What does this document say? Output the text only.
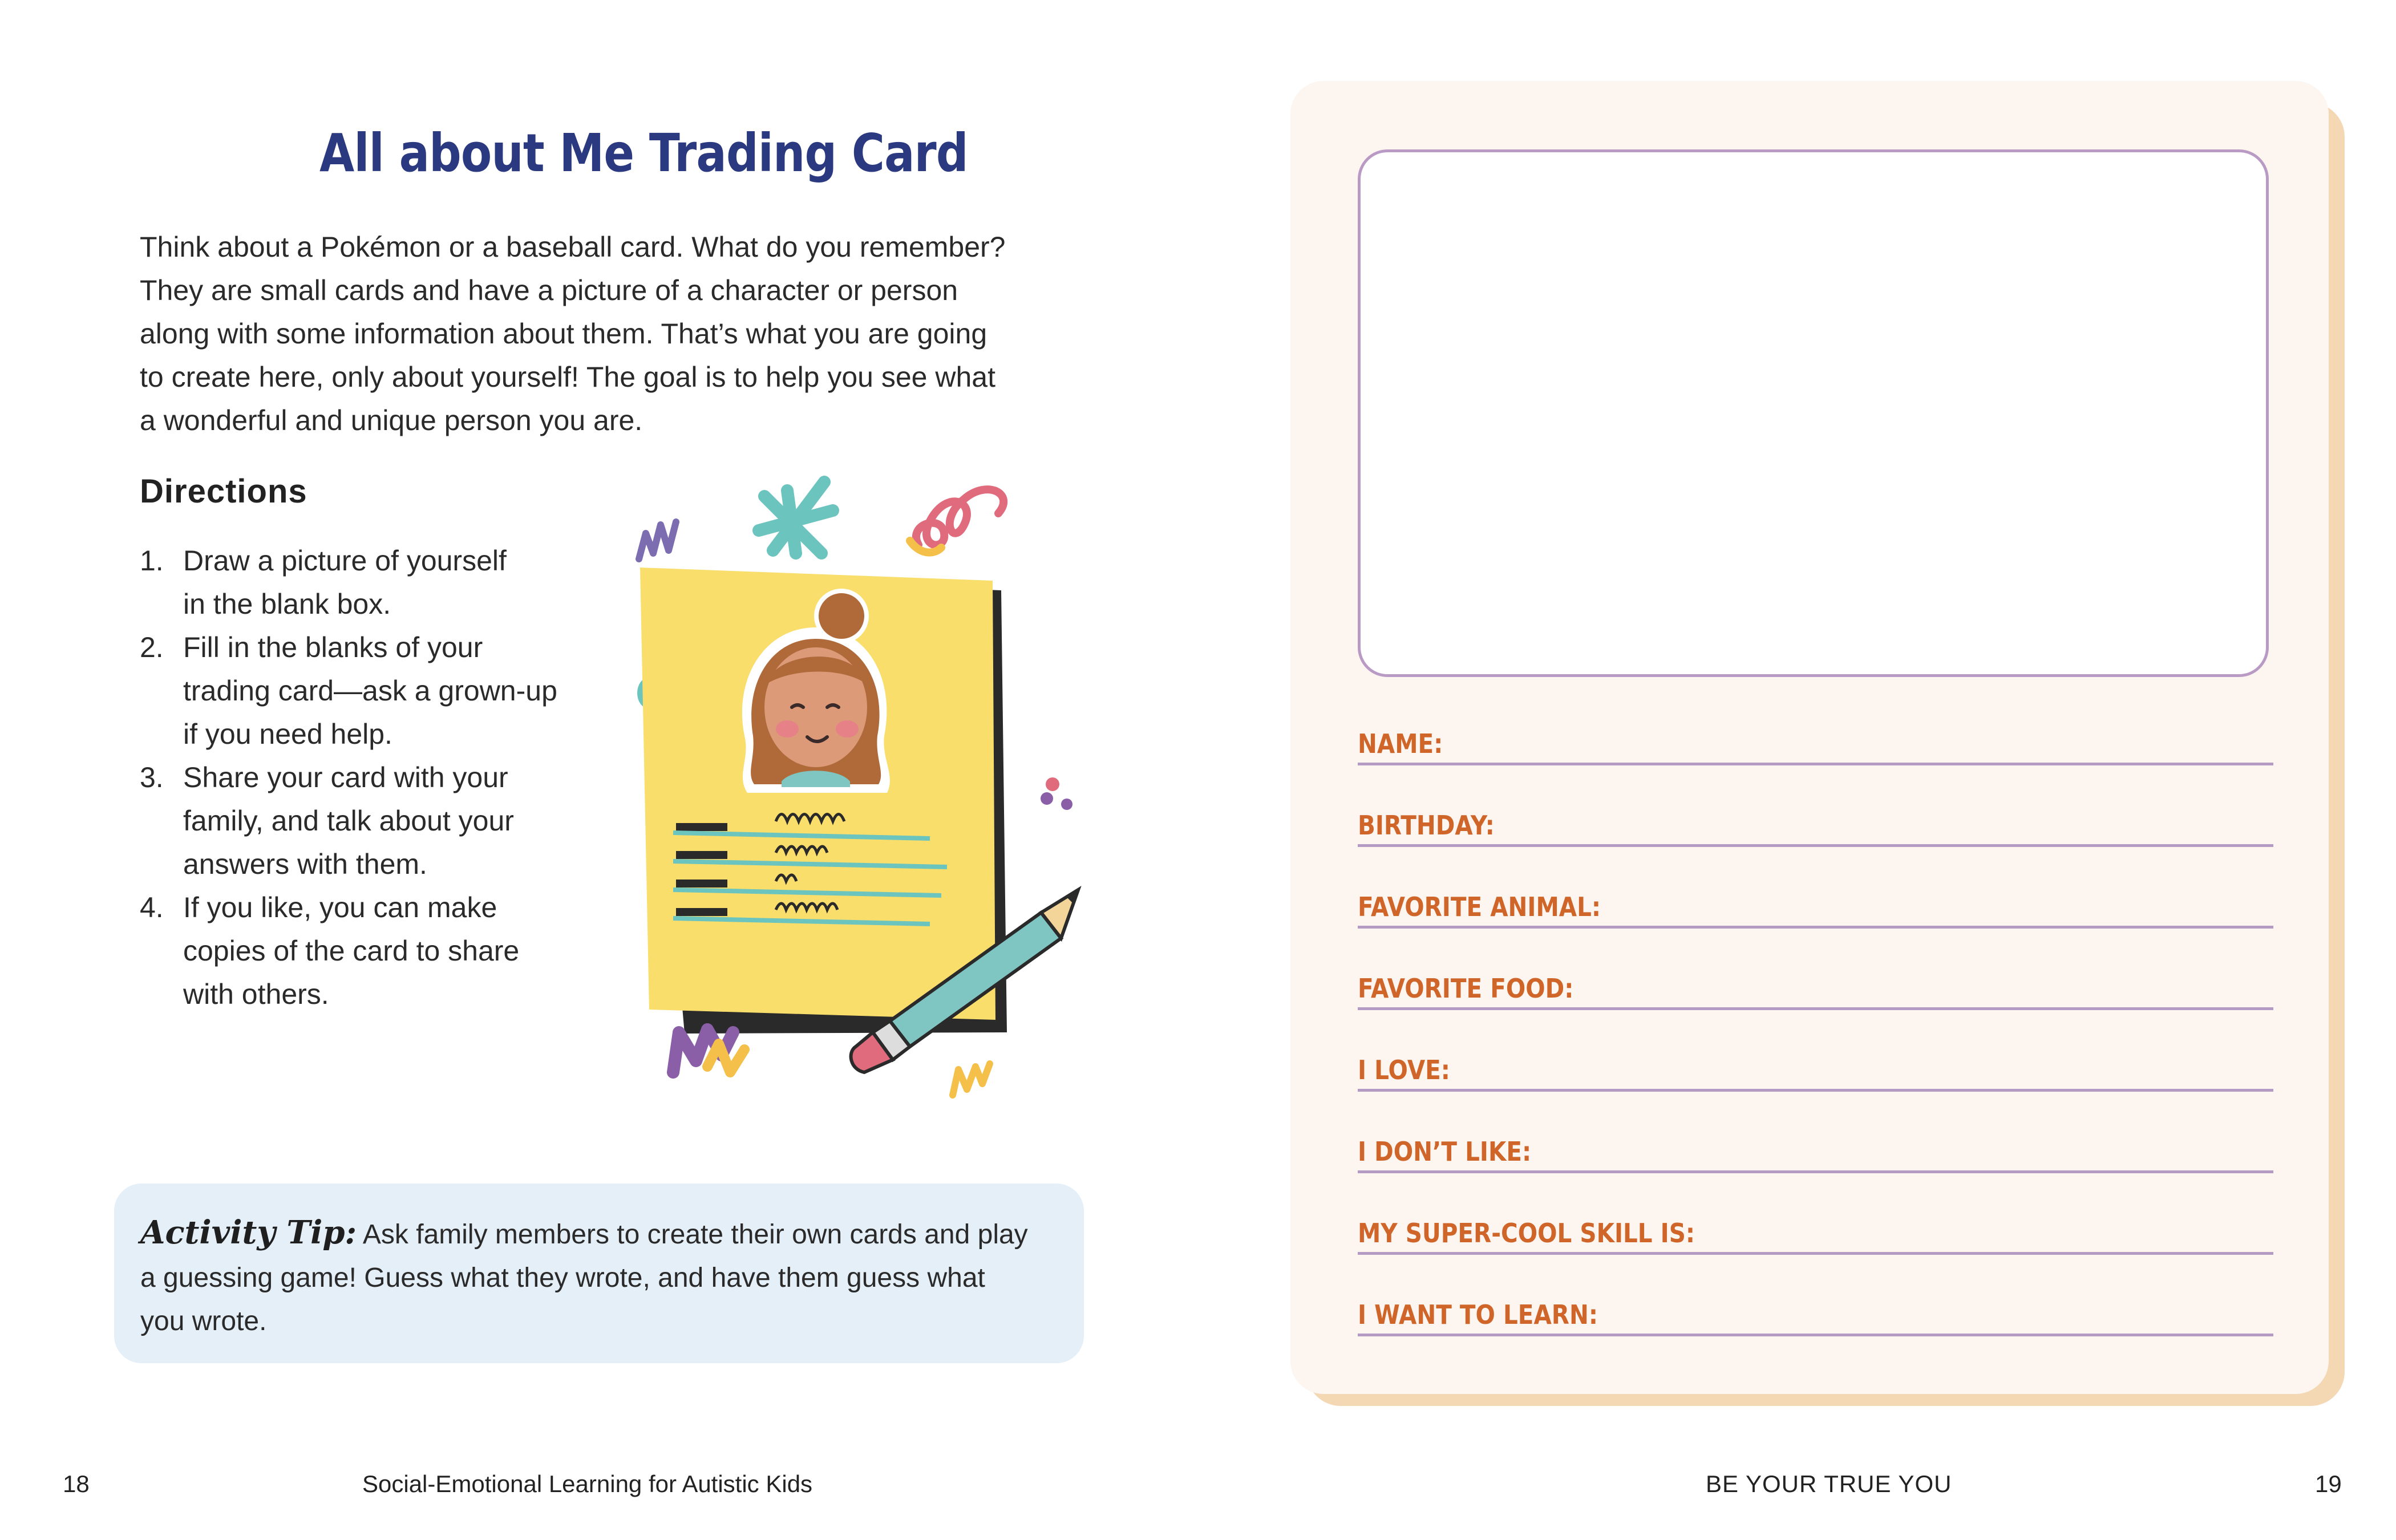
All about Me Trading Card

Think about a Pokémon or a baseball card. What do you remember?
They are small cards and have a picture of a character or person
along with some information about them. That’s what you are going
to create here, only about yourself! The goal is to help you see what
a wonderful and unique person you are.

Directions
1. Draw a picture of yourself
in the blank box.
2. Fill in the blanks of your
trading card—ask a grown-up
if you need help.
3. Share your card with your
family, and talk about your
answers with them.
4. If you like, you can make
copies of the card to share
with others.

Activity Tip: Ask family members to create their own cards and play
a guessing game! Guess what they wrote, and have them guess what
you wrote.

18	Social-Emotional Learning for Autistic Kids
NAME:
BIRTHDAY:
FAVORITE ANIMAL:
FAVORITE FOOD:
I LOVE:
I DON’T LIKE:
MY SUPER-COOL SKILL IS:
I WANT TO LEARN:
BE YOUR TRUE YOU	19
